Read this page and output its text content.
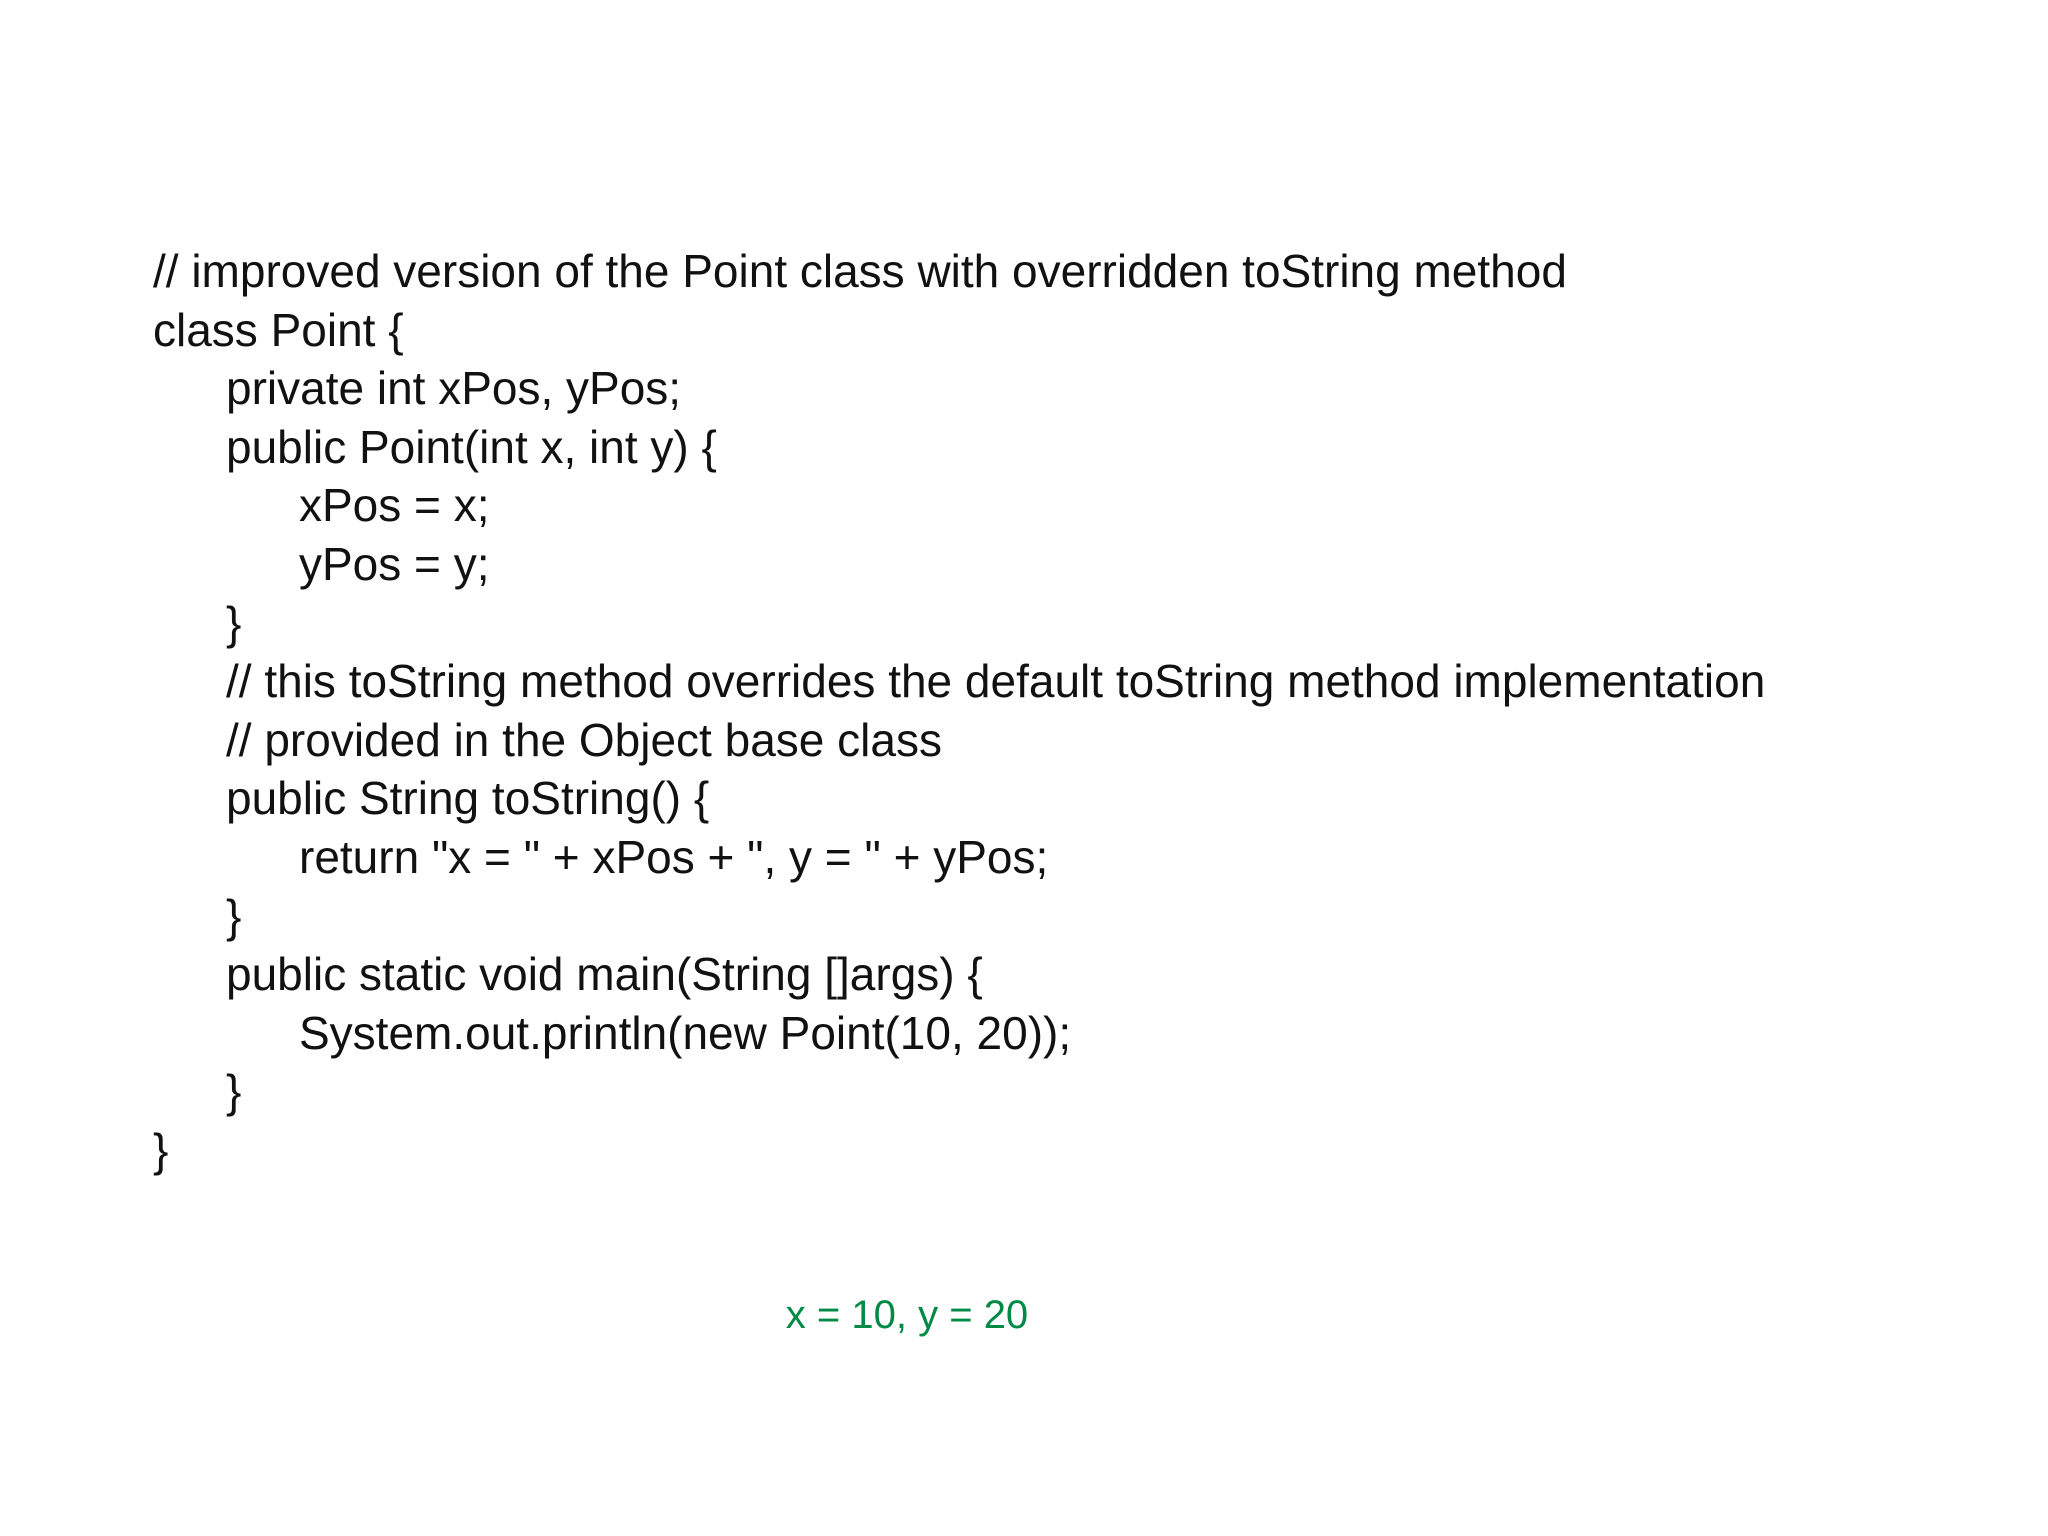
// improved version of the Point class with overridden toString method
class Point {
private int xPos, yPos;
public Point(int x, int y) {
xPos = x;
yPos = y;
}
// this toString method overrides the default toString method implementation
// provided in the Object base class
public String toString() {
return "x = " + xPos + ", y = " + yPos;
}
public static void main(String []args) {
System.out.println(new Point(10, 20));
}
}
x = 10, y = 20
